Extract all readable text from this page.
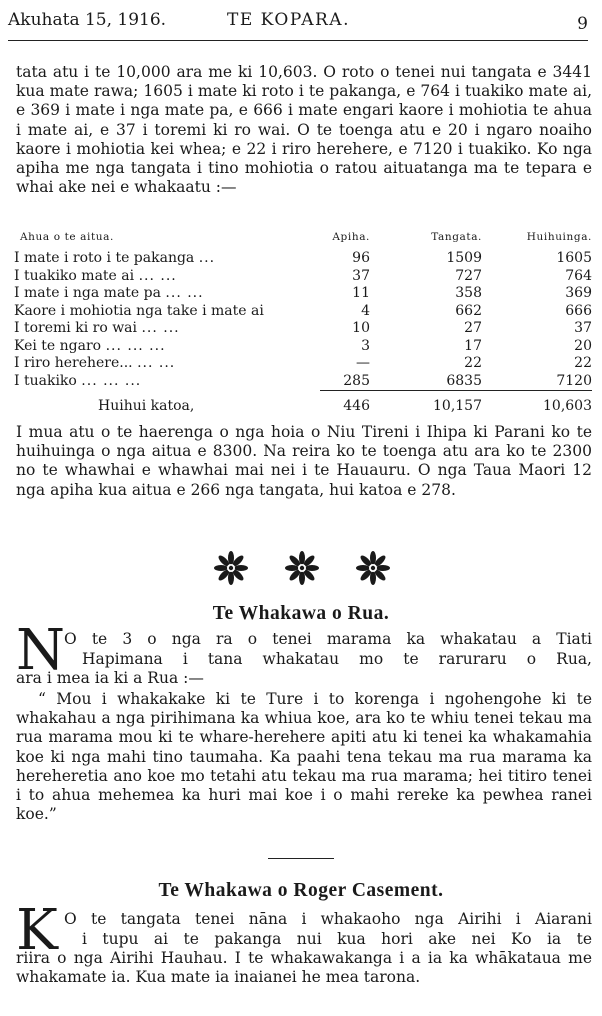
Akuhata 15, 1916.	TE KOPARA.	9
tata atu i te 10,000 ara me ki 10,603. O roto o tenei nui tangata e 3441 kua mate rawa; 1605 i mate ki roto i te pakanga, e 764 i tuakiko mate ai, e 369 i mate i nga mate pa, e 666 i mate engari kaore i mohiotia te ahua i mate ai, e 37 i toremi ki ro wai. O te toenga atu e 20 i ngaro noaiho kaore i mohiotia kei whea; e 22 i riro herehere, e 7120 i tuakiko. Ko nga apiha me nga tangata i tino mohiotia o ratou aituatanga ma te tepara e whai ake nei e whakaatu :—
Ahua o te aitua.	Apiha.	Tangata.	Huihuinga.
I mate i roto i te pakanga ...	96	1509	1605
I tuakiko mate ai ... ...	37	727	764
I mate i nga mate pa ... ...	11	358	369
Kaore i mohiotia nga take i mate ai	4	662	666
I toremi ki ro wai ... ...	10	27	37
Kei te ngaro ... ... ...	3	17	20
I riro herehere... ... ...	—	22	22
I tuakiko ... ... ...	285	6835	7120
Huihui katoa,	446	10,157	10,603
I mua atu o te haerenga o nga hoia o Niu Tireni i Ihipa ki Parani ko te huihuinga o nga aitua e 8300. Na reira ko te toenga atu ara ko te 2300 no te whawhai e whawhai mai nei i te Hauauru. O nga Taua Maori 12 nga apiha kua aitua e 266 nga tangata, hui katoa e 278.
Te Whakawa o Rua.
N O te 3 o nga ra o tenei marama ka whakatau a Tiati
Hapimana i tana whakatau mo te raruraru o Rua,
ara i mea ia ki a Rua :—
“ Mou i whakakake ki te Ture i to korenga i ngohengohe ki te whakahau a nga pirihimana ka whiua koe, ara ko te whiu tenei tekau ma rua marama mou ki te whare-herehere apiti atu ki tenei ka whakamahia koe ki nga mahi tino taumaha. Ka paahi tena tekau ma rua marama ka hereheretia ano koe mo tetahi atu tekau ma rua marama; hei titiro tenei i to ahua mehemea ka huri mai koe i o mahi rereke ka pewhea ranei koe.”
Te Whakawa o Roger Casement.
K O te tangata tenei nāna i whakaoho nga Airihi i Aiarani
i tupu ai te pakanga nui kua hori ake nei Ko ia te
riira o nga Airihi Hauhau. I te whakawakanga i a ia ka whākataua me whakamate ia. Kua mate ia inaianei he mea tarona.
